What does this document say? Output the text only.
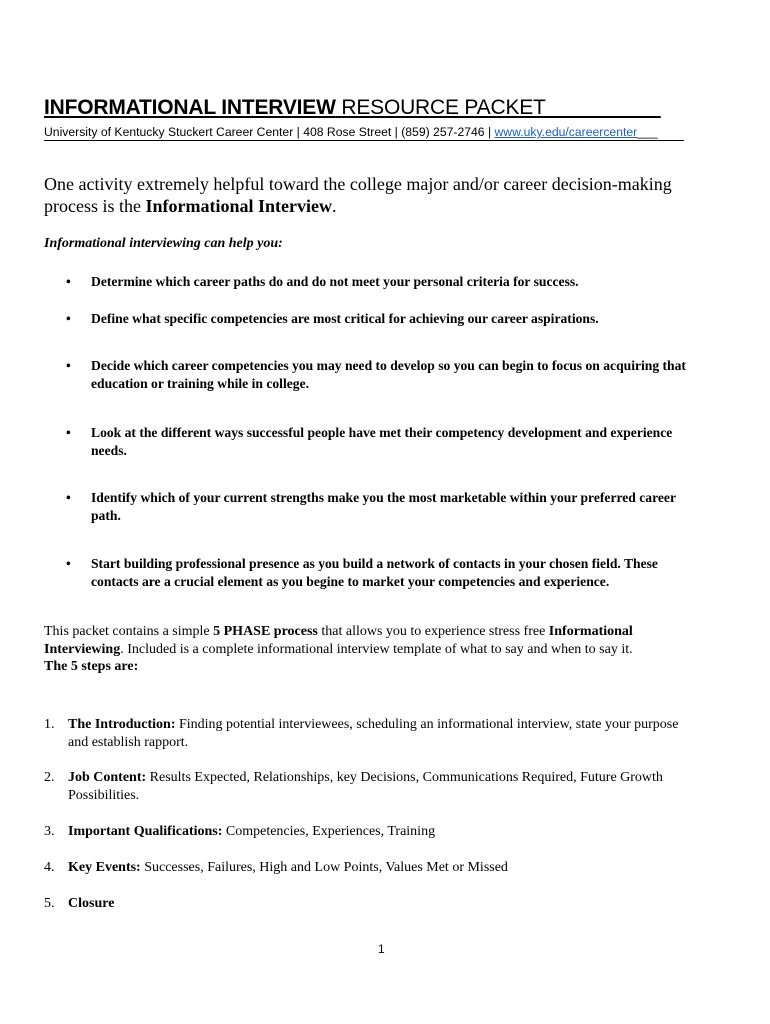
INFORMATIONAL INTERVIEW RESOURCE PACKET__________
University of Kentucky Stuckert Career Center | 408 Rose Street | (859) 257-2746 | www.uky.edu/careercenter___
One activity extremely helpful toward the college major and/or career decision-making process is the Informational Interview.
Informational interviewing can help you:
•	Determine which career paths do and do not meet your personal criteria for success.
•	Define what specific competencies are most critical for achieving our career aspirations.
•	Decide which career competencies you may need to develop so you can begin to focus on acquiring that education or training while in college.
•	Look at the different ways successful people have met their competency development and experience needs.
•	Identify which of your current strengths make you the most marketable within your preferred career path.
•	Start building professional presence as you build a network of contacts in your chosen field. These contacts are a crucial element as you begine to market your competencies and experience.
This packet contains a simple 5 PHASE process that allows you to experience stress free Informational Interviewing. Included is a complete informational interview template of what to say and when to say it.
The 5 steps are:
1. The Introduction: Finding potential interviewees, scheduling an informational interview, state your purpose and establish rapport.
2. Job Content: Results Expected, Relationships, key Decisions, Communications Required, Future Growth Possibilities.
3. Important Qualifications: Competencies, Experiences, Training
4. Key Events: Successes, Failures, High and Low Points, Values Met or Missed
5. Closure
1
